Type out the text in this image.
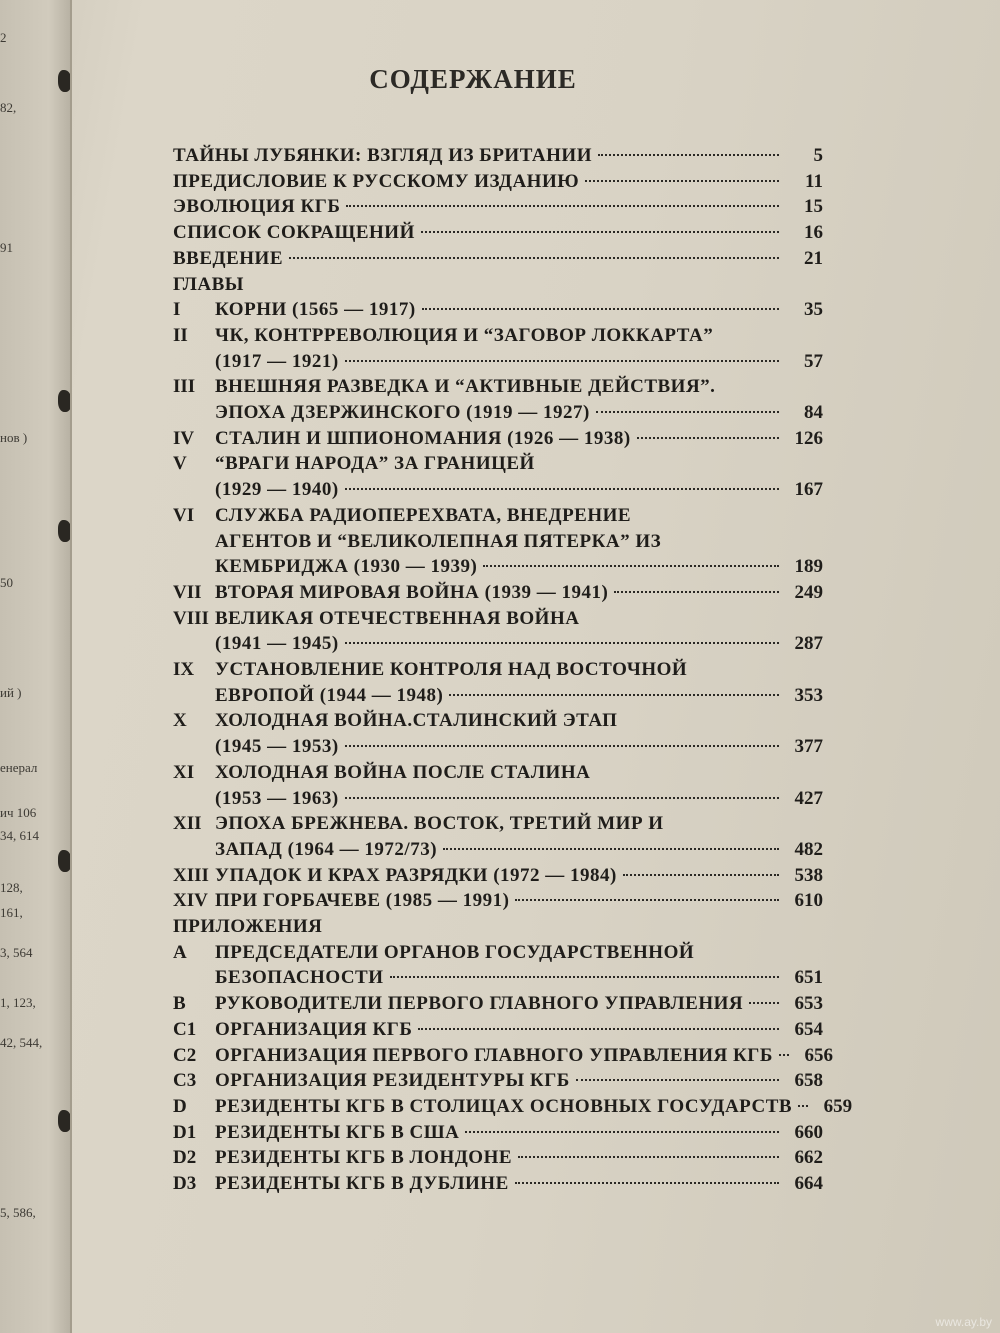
2
82,
91
нов )
50
ий )
енерал
ич 106
34, 614
128,
161,
3, 564
1, 123,
42, 544,
5, 586,
СОДЕРЖАНИЕ
ТАЙНЫ ЛУБЯНКИ: ВЗГЛЯД ИЗ БРИТАНИИ	5
ПРЕДИСЛОВИЕ К РУССКОМУ ИЗДАНИЮ	11
ЭВОЛЮЦИЯ КГБ	15
СПИСОК СОКРАЩЕНИЙ	16
ВВЕДЕНИЕ	21
ГЛАВЫ
I	КОРНИ (1565 — 1917)	35
II	ЧК, КОНТРРЕВОЛЮЦИЯ И “ЗАГОВОР ЛОККАРТА”
(1917 — 1921)	57
III	ВНЕШНЯЯ РАЗВЕДКА И “АКТИВНЫЕ ДЕЙСТВИЯ”.
ЭПОХА ДЗЕРЖИНСКОГО (1919 — 1927)	84
IV	СТАЛИН И ШПИОНОМАНИЯ (1926 — 1938)	126
V	“ВРАГИ НАРОДА” ЗА ГРАНИЦЕЙ
(1929 — 1940)	167
VI	СЛУЖБА РАДИОПЕРЕХВАТА, ВНЕДРЕНИЕ
АГЕНТОВ И “ВЕЛИКОЛЕПНАЯ ПЯТЕРКА” ИЗ
КЕМБРИДЖА (1930 — 1939)	189
VII ВТОРАЯ МИРОВАЯ ВОЙНА (1939 — 1941)	249
VIII ВЕЛИКАЯ ОТЕЧЕСТВЕННАЯ ВОЙНА
(1941 — 1945)	287
IX	УСТАНОВЛЕНИЕ КОНТРОЛЯ НАД ВОСТОЧНОЙ
ЕВРОПОЙ (1944 — 1948)	353
X	ХОЛОДНАЯ ВОЙНА.СТАЛИНСКИЙ ЭТАП
(1945 — 1953)	377
XI	ХОЛОДНАЯ ВОЙНА ПОСЛЕ СТАЛИНА
(1953 — 1963)	427
XII ЭПОХА БРЕЖНЕВА. ВОСТОК, ТРЕТИЙ МИР И
ЗАПАД (1964 — 1972/73)	482
XIII УПАДОК И КРАХ РАЗРЯДКИ (1972 — 1984)	538
XIV ПРИ ГОРБАЧЕВЕ (1985 — 1991)	610
ПРИЛОЖЕНИЯ
A	ПРЕДСЕДАТЕЛИ ОРГАНОВ ГОСУДАРСТВЕННОЙ
БЕЗОПАСНОСТИ	651
B	РУКОВОДИТЕЛИ ПЕРВОГО ГЛАВНОГО УПРАВЛЕНИЯ	653
C1 ОРГАНИЗАЦИЯ КГБ	654
C2 ОРГАНИЗАЦИЯ ПЕРВОГО ГЛАВНОГО УПРАВЛЕНИЯ КГБ	656
C3 ОРГАНИЗАЦИЯ РЕЗИДЕНТУРЫ КГБ	658
D	РЕЗИДЕНТЫ КГБ В СТОЛИЦАХ ОСНОВНЫХ ГОСУДАРСТВ	659
D1 РЕЗИДЕНТЫ КГБ В США	660
D2 РЕЗИДЕНТЫ КГБ В ЛОНДОНЕ	662
D3 РЕЗИДЕНТЫ КГБ В ДУБЛИНЕ	664
www.ay.by
